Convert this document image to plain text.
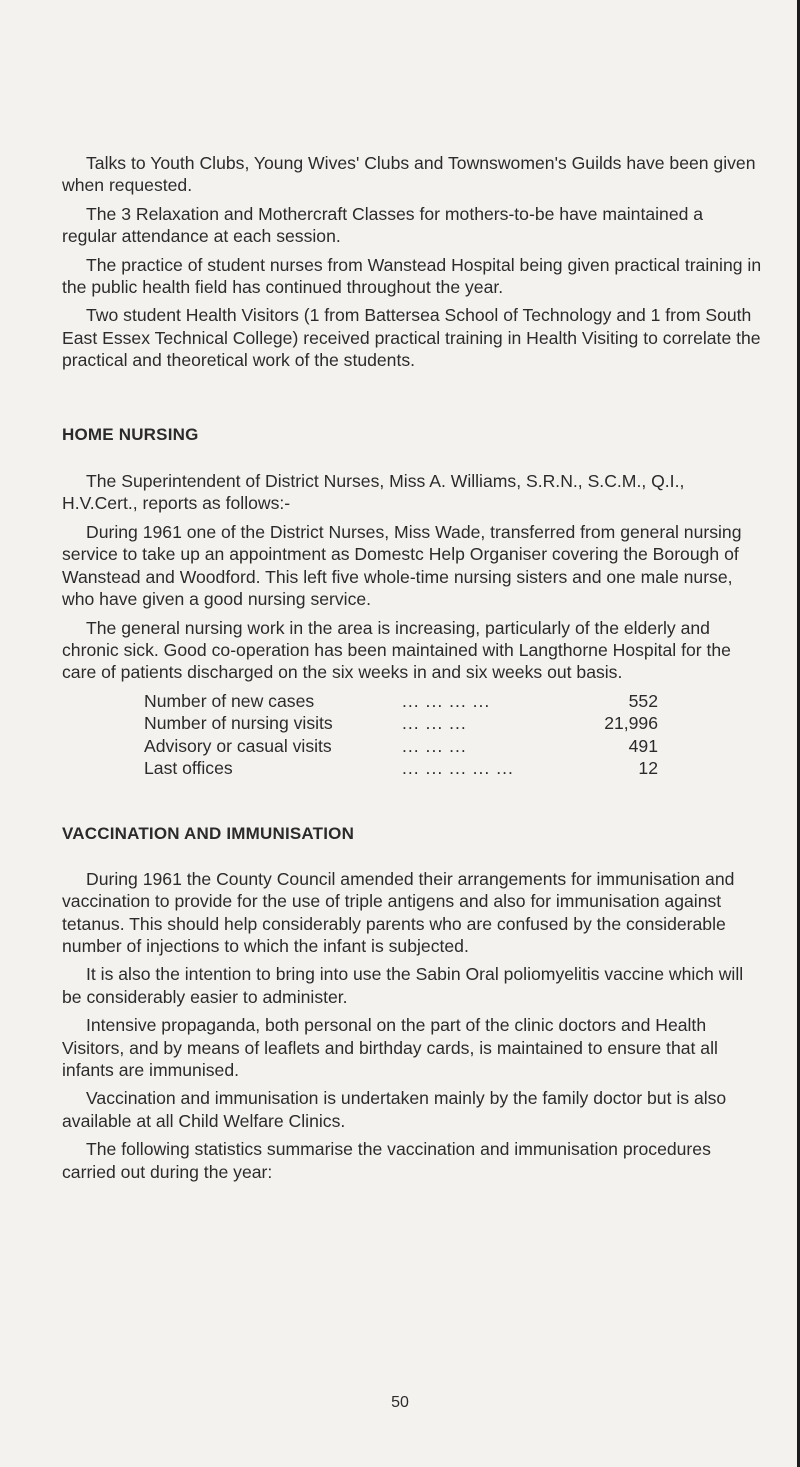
Talks to Youth Clubs, Young Wives' Clubs and Townswomen's Guilds have been given when requested.

The 3 Relaxation and Mothercraft Classes for mothers-to-be have maintained a regular attendance at each session.

The practice of student nurses from Wanstead Hospital being given practical training in the public health field has continued throughout the year.

Two student Health Visitors (1 from Battersea School of Technology and 1 from South East Essex Technical College) received practical training in Health Visiting to correlate the practical and theoretical work of the students.

HOME NURSING

The Superintendent of District Nurses, Miss A. Williams, S.R.N., S.C.M., Q.I., H.V.Cert., reports as follows:-

During 1961 one of the District Nurses, Miss Wade, transferred from general nursing service to take up an appointment as Domestc Help Organiser covering the Borough of Wanstead and Woodford. This left five whole-time nursing sisters and one male nurse, who have given a good nursing service.

The general nursing work in the area is increasing, particularly of the elderly and chronic sick. Good co-operation has been maintained with Langthorne Hospital for the care of patients discharged on the six weeks in and six weeks out basis.

Number of new cases	... ... ... ...	552
Number of nursing visits	... ... ...	21,996
Advisory or casual visits	... ... ...	491
Last offices	... ... ... ... ...	12
VACCINATION AND IMMUNISATION

During 1961 the County Council amended their arrangements for immunisation and vaccination to provide for the use of triple antigens and also for immunisation against tetanus. This should help considerably parents who are confused by the considerable number of injections to which the infant is subjected.

It is also the intention to bring into use the Sabin Oral poliomyelitis vaccine which will be considerably easier to administer.

Intensive propaganda, both personal on the part of the clinic doctors and Health Visitors, and by means of leaflets and birthday cards, is maintained to ensure that all infants are immunised.

Vaccination and immunisation is undertaken mainly by the family doctor but is also available at all Child Welfare Clinics.

The following statistics summarise the vaccination and immunisation procedures carried out during the year:

50
